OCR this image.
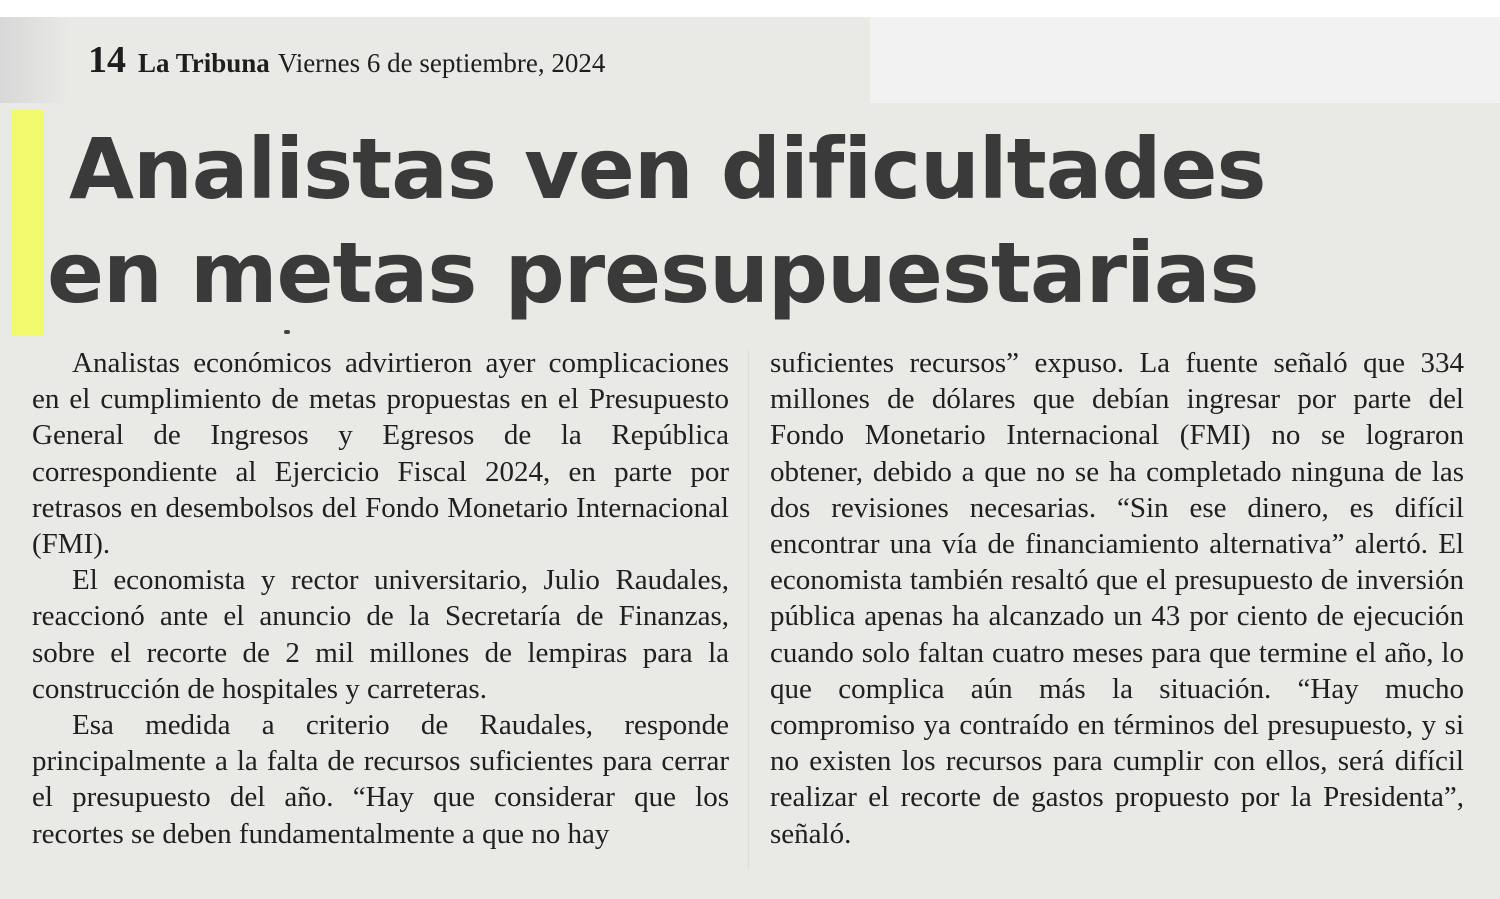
14 La Tribuna Viernes 6 de septiembre, 2024
Analistas ven dificultades
en metas presupuestarias

Analistas económicos advirtieron ayer complicaciones en el cumplimiento de metas propuestas en el Presupuesto General de Ingresos y Egresos de la República correspondiente al Ejercicio Fiscal 2024, en parte por retrasos en desembolsos del Fondo Monetario Internacional (FMI).

El economista y rector universitario, Julio Raudales, reaccionó ante el anuncio de la Secretaría de Finanzas, sobre el recorte de 2 mil millones de lempiras para la construcción de hospitales y carreteras.

Esa medida a criterio de Raudales, responde principalmente a la falta de recursos suficientes para cerrar el presupuesto del año. “Hay que considerar que los recortes se deben fundamentalmente a que no hay

suficientes recursos” expuso. La fuente señaló que 334 millones de dólares que debían ingresar por parte del Fondo Monetario Internacional (FMI) no se lograron obtener, debido a que no se ha completado ninguna de las dos revisiones necesarias. “Sin ese dinero, es difícil encontrar una vía de financiamiento alternativa” alertó. El economista también resaltó que el presupuesto de inversión pública apenas ha alcanzado un 43 por ciento de ejecución cuando solo faltan cuatro meses para que termine el año, lo que complica aún más la situación. “Hay mucho compromiso ya contraído en términos del presupuesto, y si no existen los recursos para cumplir con ellos, será difícil realizar el recorte de gastos propuesto por la Presidenta”, señaló.
